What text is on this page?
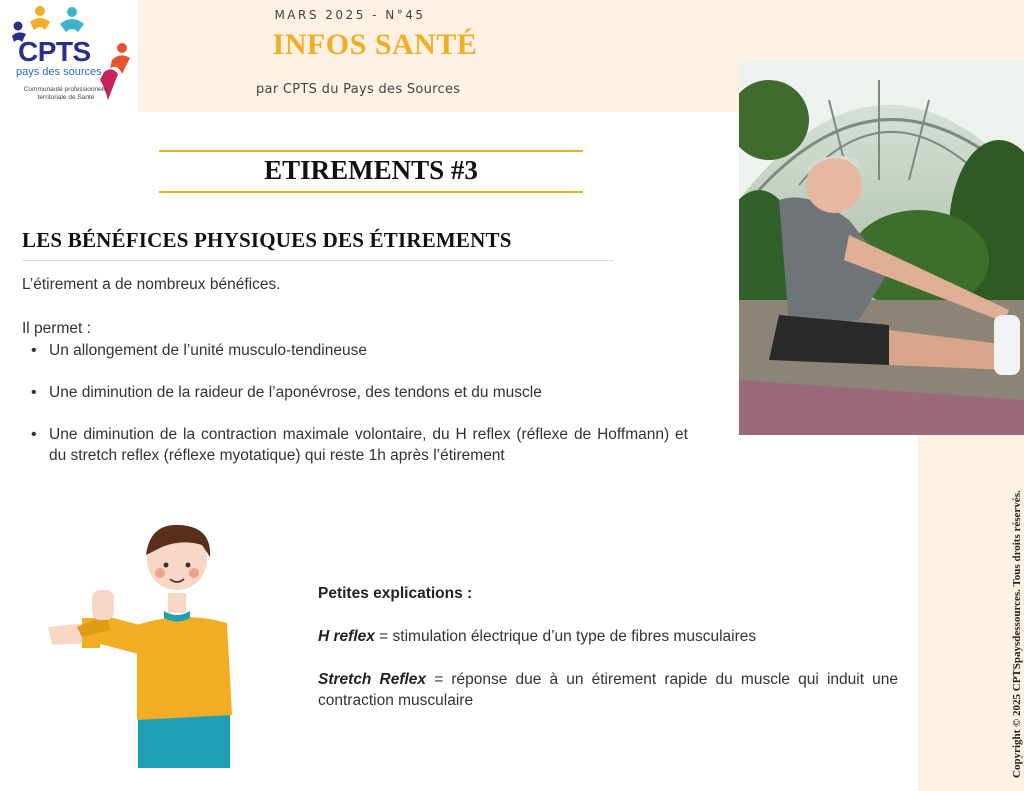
CPTS
pays des sources
Communauté professionnelle territoriale de Santé
MARS 2025 - N°45
INFOS SANTÉ
par CPTS du Pays des Sources
Copyright © 2025 CPTSpaysdessources. Tous droits réservés.
ETIREMENTS #3
LES BÉNÉFICES PHYSIQUES DES ÉTIREMENTS
L’étirement a de nombreux bénéfices.
Il permet :
• Un allongement de l’unité musculo-tendineuse
• Une diminution de la raideur de l’aponévrose, des tendons et du muscle
• Une diminution de la contraction maximale volontaire, du H reflex (réflexe de Hoffmann) et du stretch reflex (réflexe myotatique) qui reste 1h après l’étirement
Petites explications :
H reflex = stimulation électrique d’un type de fibres musculaires
Stretch Reflex = réponse due à un étirement rapide du muscle qui induit une contraction musculaire
